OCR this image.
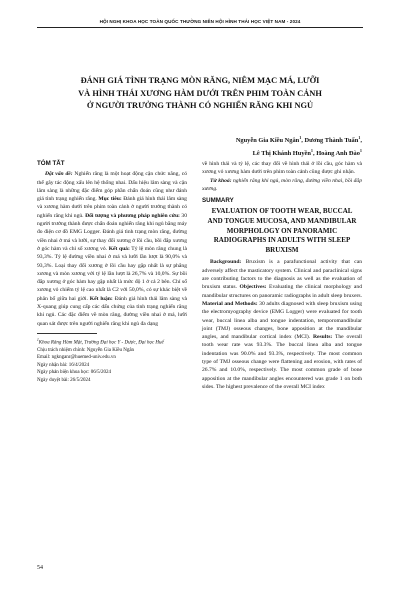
HỘI NGHỊ KHOA HỌC TOÀN QUỐC THƯỜNG NIÊN HỘI HÌNH THÁI HỌC VIỆT NAM - 2024
ĐÁNH GIÁ TÌNH TRẠNG MÒN RĂNG, NIÊM MẠC MÁ, LƯỠI
VÀ HÌNH THÁI XƯƠNG HÀM DƯỚI TRÊN PHIM TOÀN CẢNH
Ở NGƯỜI TRƯỞNG THÀNH CÓ NGHIẾN RĂNG KHI NGỦ
Nguyễn Gia Kiều Ngân$^1$, Dương Thành Tuấn$^1$,
Lê Thị Khánh Huyền$^1$, Hoàng Anh Đào$^1$
TÓM TẮT

Đặt vấn đề: Nghiến răng là một hoạt động cận chức năng, có thể gây tác động xấu lên hệ thống nhai. Dấu hiệu lâm sàng và cận lâm sàng là những đặc điểm góp phần chẩn đoán cũng như đánh giá tình trạng nghiến răng. Mục tiêu: Đánh giá hình thái lâm sàng và xương hàm dưới trên phim toàn cảnh ở người trưởng thành có nghiến răng khi ngủ. Đối tượng và phương pháp nghiên cứu: 30 người trưởng thành được chẩn đoán nghiến răng khi ngủ bằng máy đo điện cơ đồ EMG Logger. Đánh giá tình trạng mòn răng, đường viền nhai ở má và lưỡi, sự thay đổi xương ở lồi cầu, bồi đắp xương ở góc hàm và chỉ số xương vỏ. Kết quả: Tỷ lệ mòn răng chung là 93,3%. Tỷ lệ đường viền nhai ở má và lưỡi lần lượt là 90,0% và 93,3%. Loại thay đổi xương ở lồi cầu hay gặp nhất là sự phẳng xương và mòn xương với tỷ lệ lần lượt là 26,7% và 10,0%. Sự bồi đắp xương ở góc hàm hay gặp nhất là mức độ 1 ở cả 2 bên. Chỉ số xương vỏ chiếm tỷ lệ cao nhất là C2 với 50,0%, có sự khác biệt về phân bố giữa hai giới. Kết luận: Đánh giá hình thái lâm sàng và X-quang giúp cung cấp các dấu chứng của tình trạng nghiến răng khi ngủ. Các đặc điểm về mòn răng, đường viền nhai ở má, lưỡi quan sát được trên người nghiến răng khi ngủ đa dạng

$^1$Khoa Răng Hàm Mặt, Trường Đại học Y - Dược, Đại học Huế
Chịu trách nhiệm chính: Nguyễn Gia Kiều Ngân
Email: ngknganr@huemed-univ.edu.vn
Ngày nhận bài: 16/4/2024
Ngày phản biện khoa học: 06/5/2024
Ngày duyệt bài: 26/5/2024

về hình thái và tỷ lệ, các thay đổi về hình thái ở lồi cầu, góc hàm và xương vỏ xương hàm dưới trên phim toàn cảnh cũng được ghi nhận.

Từ khoá: nghiến răng khi ngủ, mòn răng, đường viền nhai, bồi đắp xương.

SUMMARY
EVALUATION OF TOOTH WEAR, BUCCAL AND TONGUE MUCOSA, AND MANDIBULAR MORPHOLOGY ON PANORAMIC RADIOGRAPHS IN ADULTS WITH SLEEP BRUXISM

Background: Bruxism is a parafunctional activity that can adversely affect the masticatory system. Clinical and paraclinical signs are contributing factors to the diagnosis as well as the evaluation of bruxism status. Objectives: Evaluating the clinical morphology and mandibular structures on panoramic radiographs in adult sleep bruxers. Material and Methods: 30 adults diagnosed with sleep bruxism using the electromyography device (EMG Logger) were evaluated for tooth wear, buccal linea alba and tongue indentation, temporomandibular joint (TMJ) osseous changes, bone apposition at the mandibular angles, and mandibular cortical index (MCI). Results: The overall tooth wear rate was 93.3%. The buccal linea alba and tongue indentation was 90.0% and 93.3%, respectively. The most common type of TMJ osseous change were flattening and erosion, with rates of 26.7% and 10.0%, respectively. The most common grade of bone apposition at the mandibular angles encountered was grade 1 on both sides. The highest prevalence of the overall MCI index

54
